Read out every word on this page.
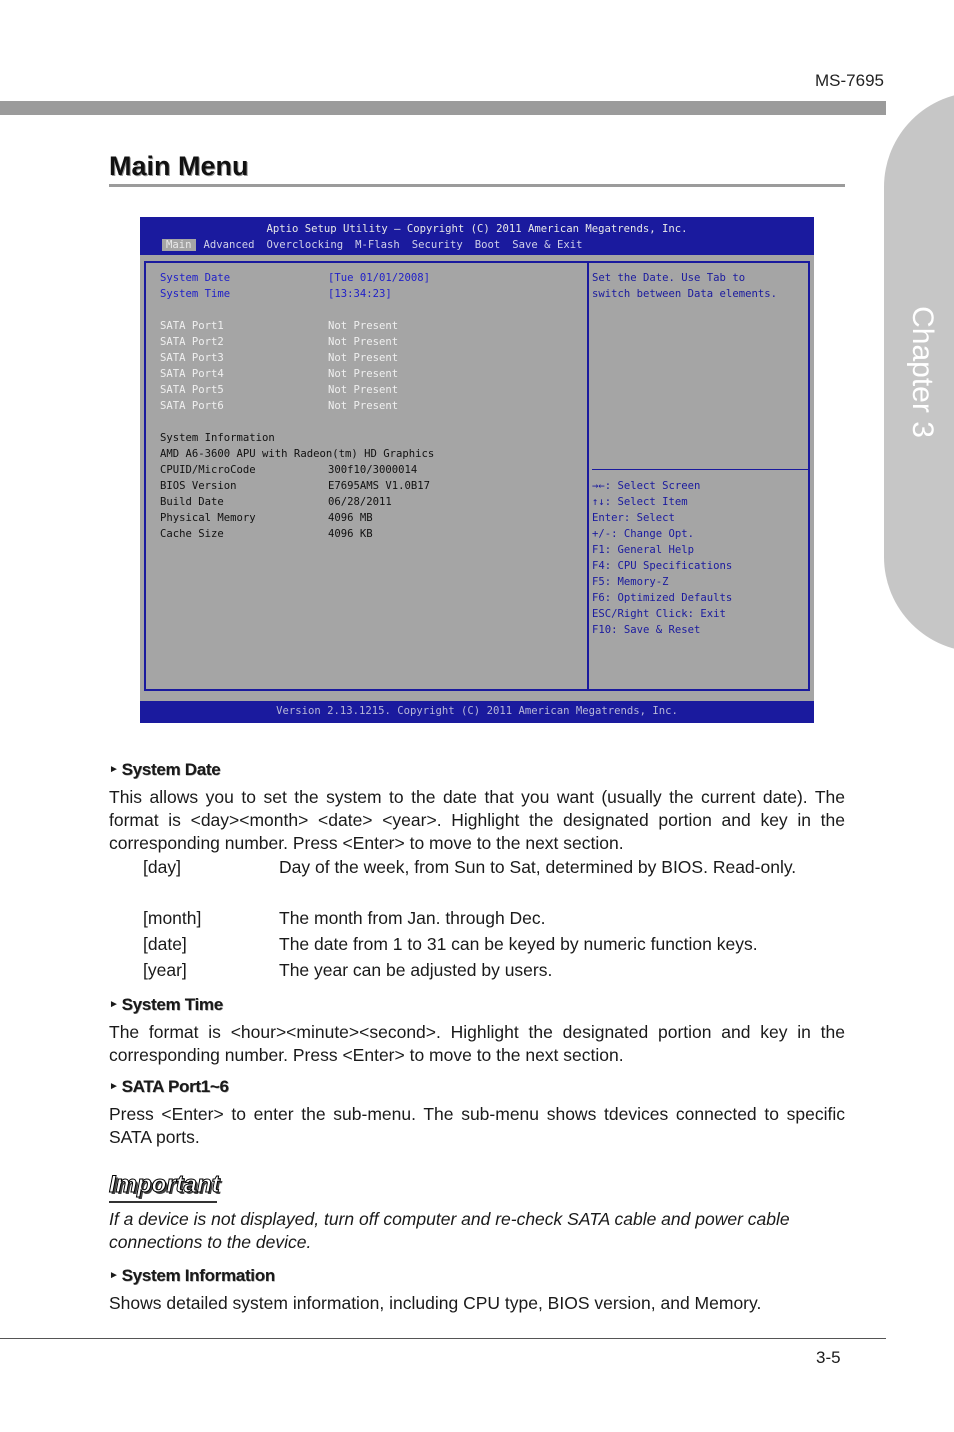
MS-7695
Chapter 3
Main Menu
Aptio Setup Utility – Copyright (C) 2011 American Megatrends, Inc.
Main	Advanced	Overclocking	M-Flash	Security	Boot	Save & Exit
System Date	[Tue 01/01/2008]
System Time	[13:34:23]
SATA Port1	Not Present
SATA Port2	Not Present
SATA Port3	Not Present
SATA Port4	Not Present
SATA Port5	Not Present
SATA Port6	Not Present
System Information
AMD A6-3600 APU with Radeon(tm) HD Graphics
CPUID/MicroCode	300f10/3000014
BIOS Version	E7695AMS V1.0B17
Build Date	06/28/2011
Physical Memory	4096 MB
Cache Size	4096 KB
Set the Date. Use Tab to
switch between Data elements.
→←: Select Screen
↑↓: Select Item
Enter: Select
+/-: Change Opt.
F1: General Help
F4: CPU Specifications
F5: Memory-Z
F6: Optimized Defaults
ESC/Right Click: Exit
F10: Save & Reset
Version 2.13.1215. Copyright (C) 2011 American Megatrends, Inc.
► System Date
This allows you to set the system to the date that you want (usually the current date). The format is <day><month> <date> <year>. Highlight the designated portion and key in the corresponding number. Press <Enter> to move to the next section.
[day]	Day of the week, from Sun to Sat, determined by BIOS. Read-only.
[month]	The month from Jan. through Dec.
[date]	The date from 1 to 31 can be keyed by numeric function keys.
[year]	The year can be adjusted by users.
► System Time
The format is <hour><minute><second>. Highlight the designated portion and key in the corresponding number. Press <Enter> to move to the next section.
► SATA Port1~6
Press <Enter> to enter the sub-menu. The sub-menu shows tdevices connected to specific SATA ports.
Important
If a device is not displayed, turn off computer and re-check SATA cable and power cable connections to the device.
► System Information
Shows detailed system information, including CPU type, BIOS version, and Memory.
3-5
